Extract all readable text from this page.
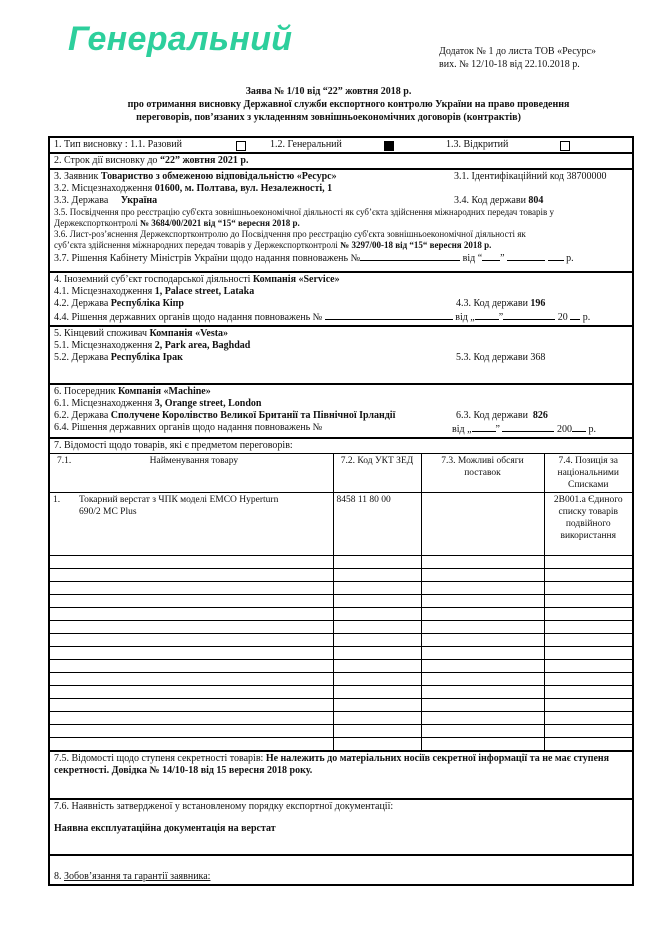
Генеральний	Додаток № 1 до листа ТОВ «Ресурс»
вих. № 12/10-18 від 22.10.2018 р.
Заява № 1/10 від “22” жовтня 2018 р.
про отримання висновку Державної служби експортного контролю України на право проведення
переговорів, пов’язаних з укладенням зовнішньоекономічних договорів (контрактів)
1. Тип висновку : 1.1. Разовий	1.2. Генеральний	1.3. Відкритий
2. Строк дії висновку до “22” жовтня 2021 р.
3. Заявник Товариство з обмеженою відповідальністю «Ресурс»	3.1. Ідентифікаційний код 38700000
3.2. Місцезнаходження 01600, м. Полтава, вул. Незалежності, 1
3.3. Держава     Україна	3.4. Код держави 804
3.5. Посвідчення про реєстрацію суб'єкта зовнішньоекономічної діяльності як суб’єкта здійснення міжнародних передач товарів у
Держекспортконтролі № 3684/00/2021 від “15“ вересня 2018 р.
3.6. Лист-роз’яснення Держекспортконтролю до Посвідчення про реєстрацію суб'єкта зовнішньоекономічної діяльності як
суб’єкта здійснення міжнародних передач товарів у Держекспортконтролі № 3297/00-18 від “15“ вересня 2018 р.
3.7. Рішення Кабінету Міністрів України щодо надання повноважень №	від “ ”	р.
4. Іноземний суб’єкт господарської діяльності Компанія «Service»
4.1. Місцезнаходження 1, Palace street, Lataka
4.2. Держава Республіка Кіпр	4.3. Код держави 196
4.4. Рішення державних органів щодо надання повноважень №	від „ ”	20 р.
5. Кінцевий споживач Компанія «Vesta»
5.1. Місцезнаходження 2, Park area, Baghdad
5.2. Держава Республіка Ірак	5.3. Код держави 368
6. Посередник Компанія «Machine»
6.1. Місцезнаходження 3, Orange street, London
6.2. Держава Сполучене Королівство Великої Британії та Північної Ірландії	6.3. Код держави  826
6.4. Рішення державних органів щодо надання повноважень №	від „ ”	200 р.
7. Відомості щодо товарів, які є предметом переговорів:
7.1. Найменування товару	7.2. Код УКТ ЗЕД	7.3. Можливі обсяги поставок	7.4. Позиція за національними Списками

1. Токарний верстат з ЧПК моделі EMCO Hyperturn 690/2 MC Plus	8458 11 80 00		2B001.a Єдиного списку товарів подвійного використання

7.5. Відомості щодо ступеня секретності товарів: Не належить до матеріальних носіїв секретної інформації та не має ступеня секретності. Довідка № 14/10-18 від 15 вересня 2018 року.
7.6. Наявність затвердженої у встановленому порядку експортної документації:
Наявна експлуатаційна документація на верстат
8. Зобов’язання та гарантії заявника:
